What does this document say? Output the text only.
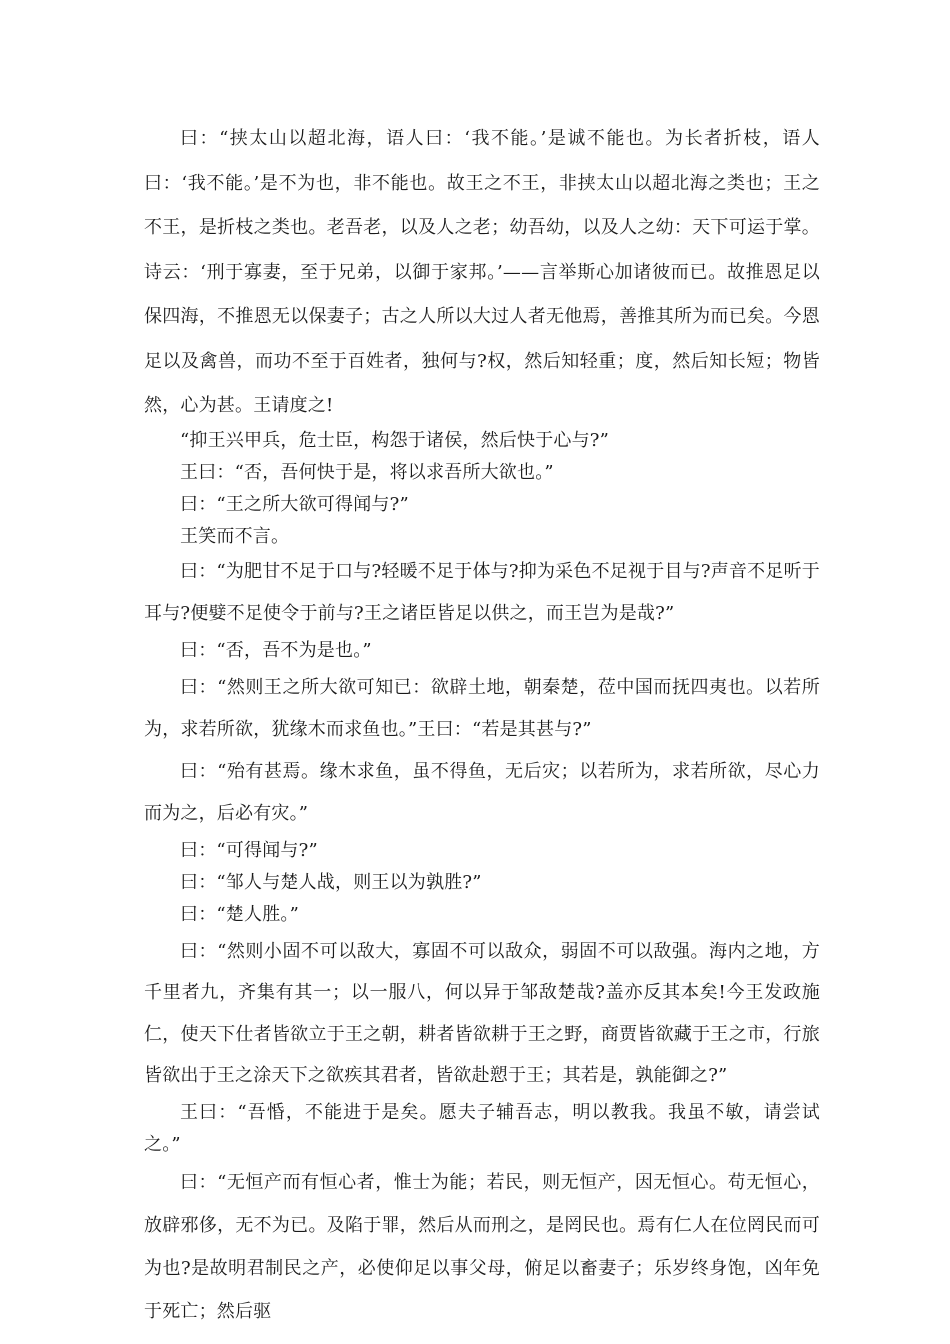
曰：“挟太山以超北海，语人曰：‘我不能。’是诚不能也。为长者折枝，语人曰：‘我不能。’是不为也，非不能也。故王之不王，非挟太山以超北海之类也；王之不王，是折枝之类也。老吾老，以及人之老；幼吾幼，以及人之幼：天下可运于掌。诗云：‘刑于寡妻，至于兄弟，以御于家邦。’——言举斯心加诸彼而已。故推恩足以保四海，不推恩无以保妻子；古之人所以大过人者无他焉，善推其所为而已矣。今恩足以及禽兽，而功不至于百姓者，独何与?权，然后知轻重；度，然后知长短；物皆然，心为甚。王请度之!

“抑王兴甲兵，危士臣，构怨于诸侯，然后快于心与?”

王曰：“否，吾何快于是，将以求吾所大欲也。”

曰：“王之所大欲可得闻与?”

王笑而不言。

曰：“为肥甘不足于口与?轻暖不足于体与?抑为采色不足视于目与?声音不足听于耳与?便嬖不足使令于前与?王之诸臣皆足以供之，而王岂为是哉?”

曰：“否，吾不为是也。”

曰：“然则王之所大欲可知已：欲辟土地，朝秦楚，莅中国而抚四夷也。以若所为，求若所欲，犹缘木而求鱼也。”王曰：“若是其甚与?”

曰：“殆有甚焉。缘木求鱼，虽不得鱼，无后灾；以若所为，求若所欲，尽心力而为之，后必有灾。”

曰：“可得闻与?”

曰：“邹人与楚人战，则王以为孰胜?”

曰：“楚人胜。”

曰：“然则小固不可以敌大，寡固不可以敌众，弱固不可以敌强。海内之地，方千里者九，齐集有其一；以一服八，何以异于邹敌楚哉?盖亦反其本矣!今王发政施仁，使天下仕者皆欲立于王之朝，耕者皆欲耕于王之野，商贾皆欲藏于王之市，行旅皆欲出于王之涂天下之欲疾其君者，皆欲赴愬于王；其若是，孰能御之?”

王曰：“吾惛，不能进于是矣。愿夫子辅吾志，明以教我。我虽不敏，请尝试之。”

曰：“无恒产而有恒心者，惟士为能；若民，则无恒产，因无恒心。苟无恒心，放辟邪侈，无不为已。及陷于罪，然后从而刑之，是罔民也。焉有仁人在位罔民而可为也?是故明君制民之产，必使仰足以事父母，俯足以畜妻子；乐岁终身饱，凶年免于死亡；然后驱
